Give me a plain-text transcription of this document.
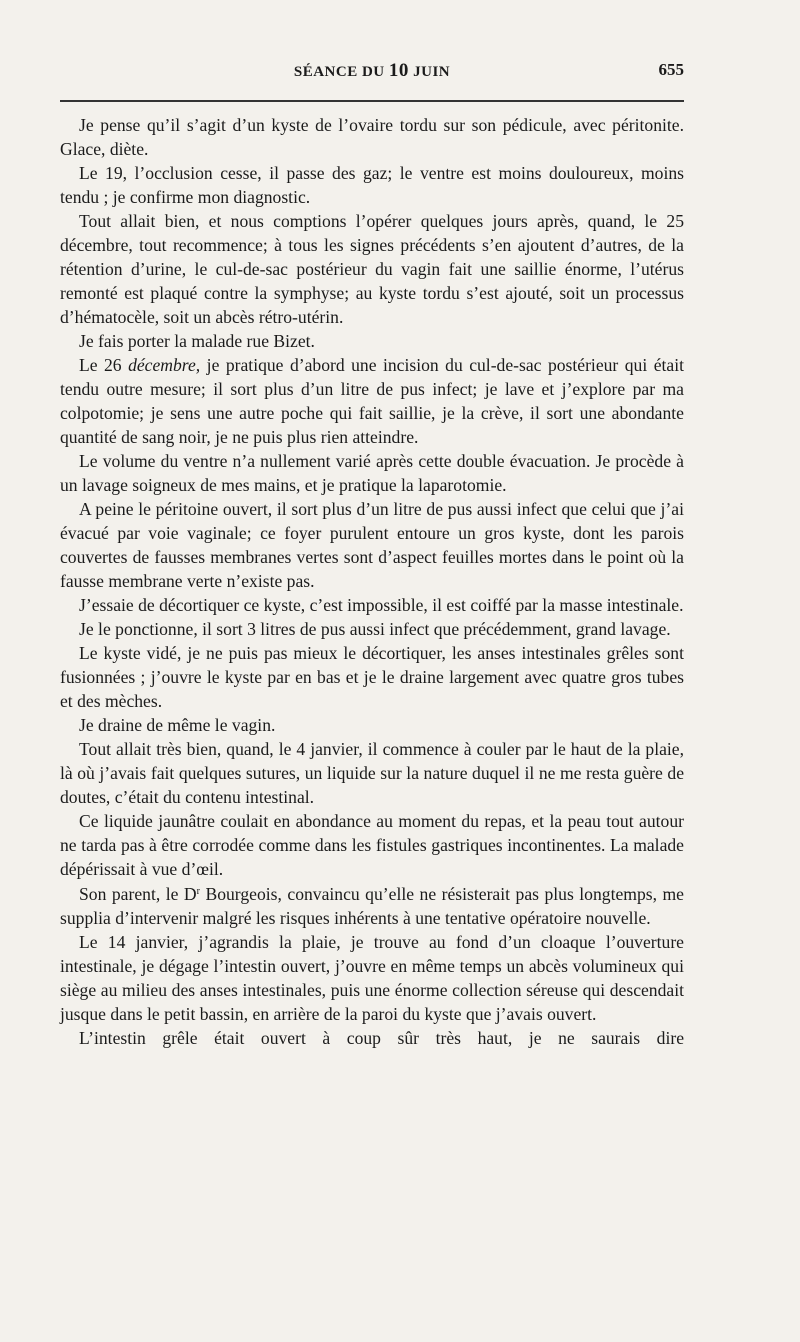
SÉANCE DU 10 JUIN	655

Je pense qu’il s’agit d’un kyste de l’ovaire tordu sur son pédicule, avec péritonite. Glace, diète.

Le 19, l’occlusion cesse, il passe des gaz; le ventre est moins douloureux, moins tendu ; je confirme mon diagnostic.

Tout allait bien, et nous comptions l’opérer quelques jours après, quand, le 25 décembre, tout recommence; à tous les signes précédents s’en ajoutent d’autres, de la rétention d’urine, le cul-de-sac postérieur du vagin fait une saillie énorme, l’utérus remonté est plaqué contre la symphyse; au kyste tordu s’est ajouté, soit un processus d’hématocèle, soit un abcès rétro-utérin.

Je fais porter la malade rue Bizet.

Le 26 décembre, je pratique d’abord une incision du cul-de-sac postérieur qui était tendu outre mesure; il sort plus d’un litre de pus infect; je lave et j’explore par ma colpotomie; je sens une autre poche qui fait saillie, je la crève, il sort une abondante quantité de sang noir, je ne puis plus rien atteindre.

Le volume du ventre n’a nullement varié après cette double évacuation. Je procède à un lavage soigneux de mes mains, et je pratique la laparotomie.

A peine le péritoine ouvert, il sort plus d’un litre de pus aussi infect que celui que j’ai évacué par voie vaginale; ce foyer purulent entoure un gros kyste, dont les parois couvertes de fausses membranes vertes sont d’aspect feuilles mortes dans le point où la fausse membrane verte n’existe pas.

J’essaie de décortiquer ce kyste, c’est impossible, il est coiffé par la masse intestinale.

Je le ponctionne, il sort 3 litres de pus aussi infect que précédemment, grand lavage.

Le kyste vidé, je ne puis pas mieux le décortiquer, les anses intestinales grêles sont fusionnées ; j’ouvre le kyste par en bas et je le draine largement avec quatre gros tubes et des mèches.

Je draine de même le vagin.

Tout allait très bien, quand, le 4 janvier, il commence à couler par le haut de la plaie, là où j’avais fait quelques sutures, un liquide sur la nature duquel il ne me resta guère de doutes, c’était du contenu intestinal.

Ce liquide jaunâtre coulait en abondance au moment du repas, et la peau tout autour ne tarda pas à être corrodée comme dans les fistules gastriques incontinentes. La malade dépérissait à vue d’œil.

Son parent, le $D^r$ Bourgeois, convaincu qu’elle ne résisterait pas plus longtemps, me supplia d’intervenir malgré les risques inhérents à une tentative opératoire nouvelle.

Le 14 janvier, j’agrandis la plaie, je trouve au fond d’un cloaque l’ouverture intestinale, je dégage l’intestin ouvert, j’ouvre en même temps un abcès volumineux qui siège au milieu des anses intestinales, puis une énorme collection séreuse qui descendait jusque dans le petit bassin, en arrière de la paroi du kyste que j’avais ouvert.

L’intestin grêle était ouvert à coup sûr très haut, je ne saurais dire
